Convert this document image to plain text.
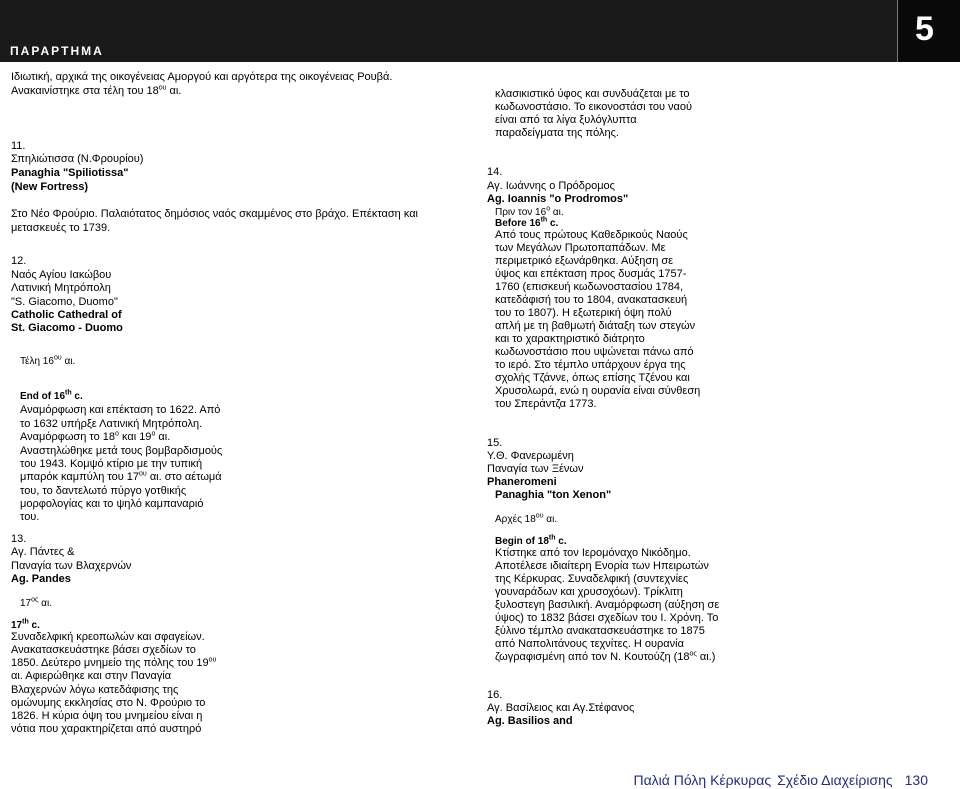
ΠΑΡΑΡΤΗΜΑ
5
Ιδιωτική, αρχικά της οικογένειας Αμοργού και αργότερα της οικογένειας Ρουβά.
Ανακαινίστηκε στα τέλη του $18^{o\upsilon}$ αι.
11.
Σπηλιώτισσα (Ν.Φρουρίου)
Panaghia "Spiliotissa"
(New Fortress)
Στο Νέο Φρούριο. Παλαιότατος δημόσιος ναός σκαμμένος στο βράχο. Επέκταση και
μετασκευές το 1739.
12.
Ναός Αγίου Ιακώβου
Λατινική Μητρόπολη
"S. Giacomo, Duomo"
Catholic Cathedral of
St. Giacomo - Duomo
Τέλη $16^{o\upsilon}$ αι.
End of 16th c.
Αναμόρφωση και επέκταση το 1622. Από
το 1632 υπήρξε Λατινική Μητρόπολη.
Αναμόρφωση το $18^o$ και $19^o$ αι.
Αναστηλώθηκε μετά τους βομβαρδισμούς
του 1943. Κομψό κτίριο με την τυπική
μπαρόκ καμπύλη του $17^{o\upsilon}$ αι. στο αέτωμά
του, το δαντελωτό πύργο γοτθικής
μορφολογίας και το ψηλό καμπαναριό
του.
13.
Αγ. Πάντες &
Παναγία των Βλαχερνών
Ag. Pandes
$17^{o\varsigma}$ αι.
17th c.
Συναδελφική κρεοπωλών και σφαγείων.
Ανακατασκευάστηκε βάσει σχεδίων το
1850. Δεύτερο μνημείο της πόλης του $19^{o\upsilon}$
αι. Αφιερώθηκε και στην Παναγία
Βλαχερνών λόγω κατεδάφισης της
ομώνυμης εκκλησίας στο Ν. Φρούριο το
1826. Η κύρια όψη του μνημείου είναι η
νότια που χαρακτηρίζεται από αυστηρό
κλασικιστικό ύφος και συνδυάζεται με το
κωδωνοστάσιο. Το εικονοστάσι του ναού
είναι από τα λίγα ξυλόγλυπτα
παραδείγματα της πόλης.
14.
Αγ. Ιωάννης ο Πρόδρομος
Ag. Ioannis "o Prodromos"
Πριν τον $16^o$ αι.
Before 16th c.
Από τους πρώτους Καθεδρικούς Ναούς
των Μεγάλων Πρωτοπαπάδων. Με
περιμετρικό εξωνάρθηκα. Αύξηση σε
ύψος και επέκταση προς δυσμάς 1757-
1760 (επισκευή κωδωνοστασίου 1784,
κατεδάφισή του το 1804, ανακατασκευή
του το 1807). Η εξωτερική όψη πολύ
απλή με τη βαθμωτή διάταξη των στεγών
και το χαρακτηριστικό διάτρητο
κωδωνοστάσιο που υψώνεται πάνω από
το ιερό. Στο τέμπλο υπάρχουν έργα της
σχολής Τζάννε, όπως επίσης Τζένου και
Χρυσολωρά, ενώ η ουρανία είναι σύνθεση
του Σπεράντζα 1773.
15.
Υ.Θ. Φανερωμένη
Παναγία των Ξένων
Phaneromeni
Panaghia "ton Xenon"
Αρχές $18^{o\upsilon}$ αι.
Begin of 18th c.
Κτίστηκε από τον Ιερομόναχο Νικόδημο.
Αποτέλεσε ιδιαίτερη Ενορία των Ηπειρωτών
της Κέρκυρας. Συναδελφική (συντεχνίες
γουναράδων και χρυσοχόων). Τρίκλιτη
ξυλοστεγη βασιλική. Αναμόρφωση (αύξηση σε
ύψος) το 1832 βάσει σχεδίων του Ι. Χρόνη. Το
ξύλινο τέμπλο ανακατασκευάστηκε το 1875
από Ναπολιτάνους τεχνίτες. Η ουρανία
ζωγραφισμένη από τον Ν. Κουτούζη ($18^{o\varsigma}$ αι.)
16.
Αγ. Βασίλειος και Αγ.Στέφανος
Ag. Basilios and
Παλιά Πόλη Κέρκυρας Σχέδιο Διαχείρισης 130
